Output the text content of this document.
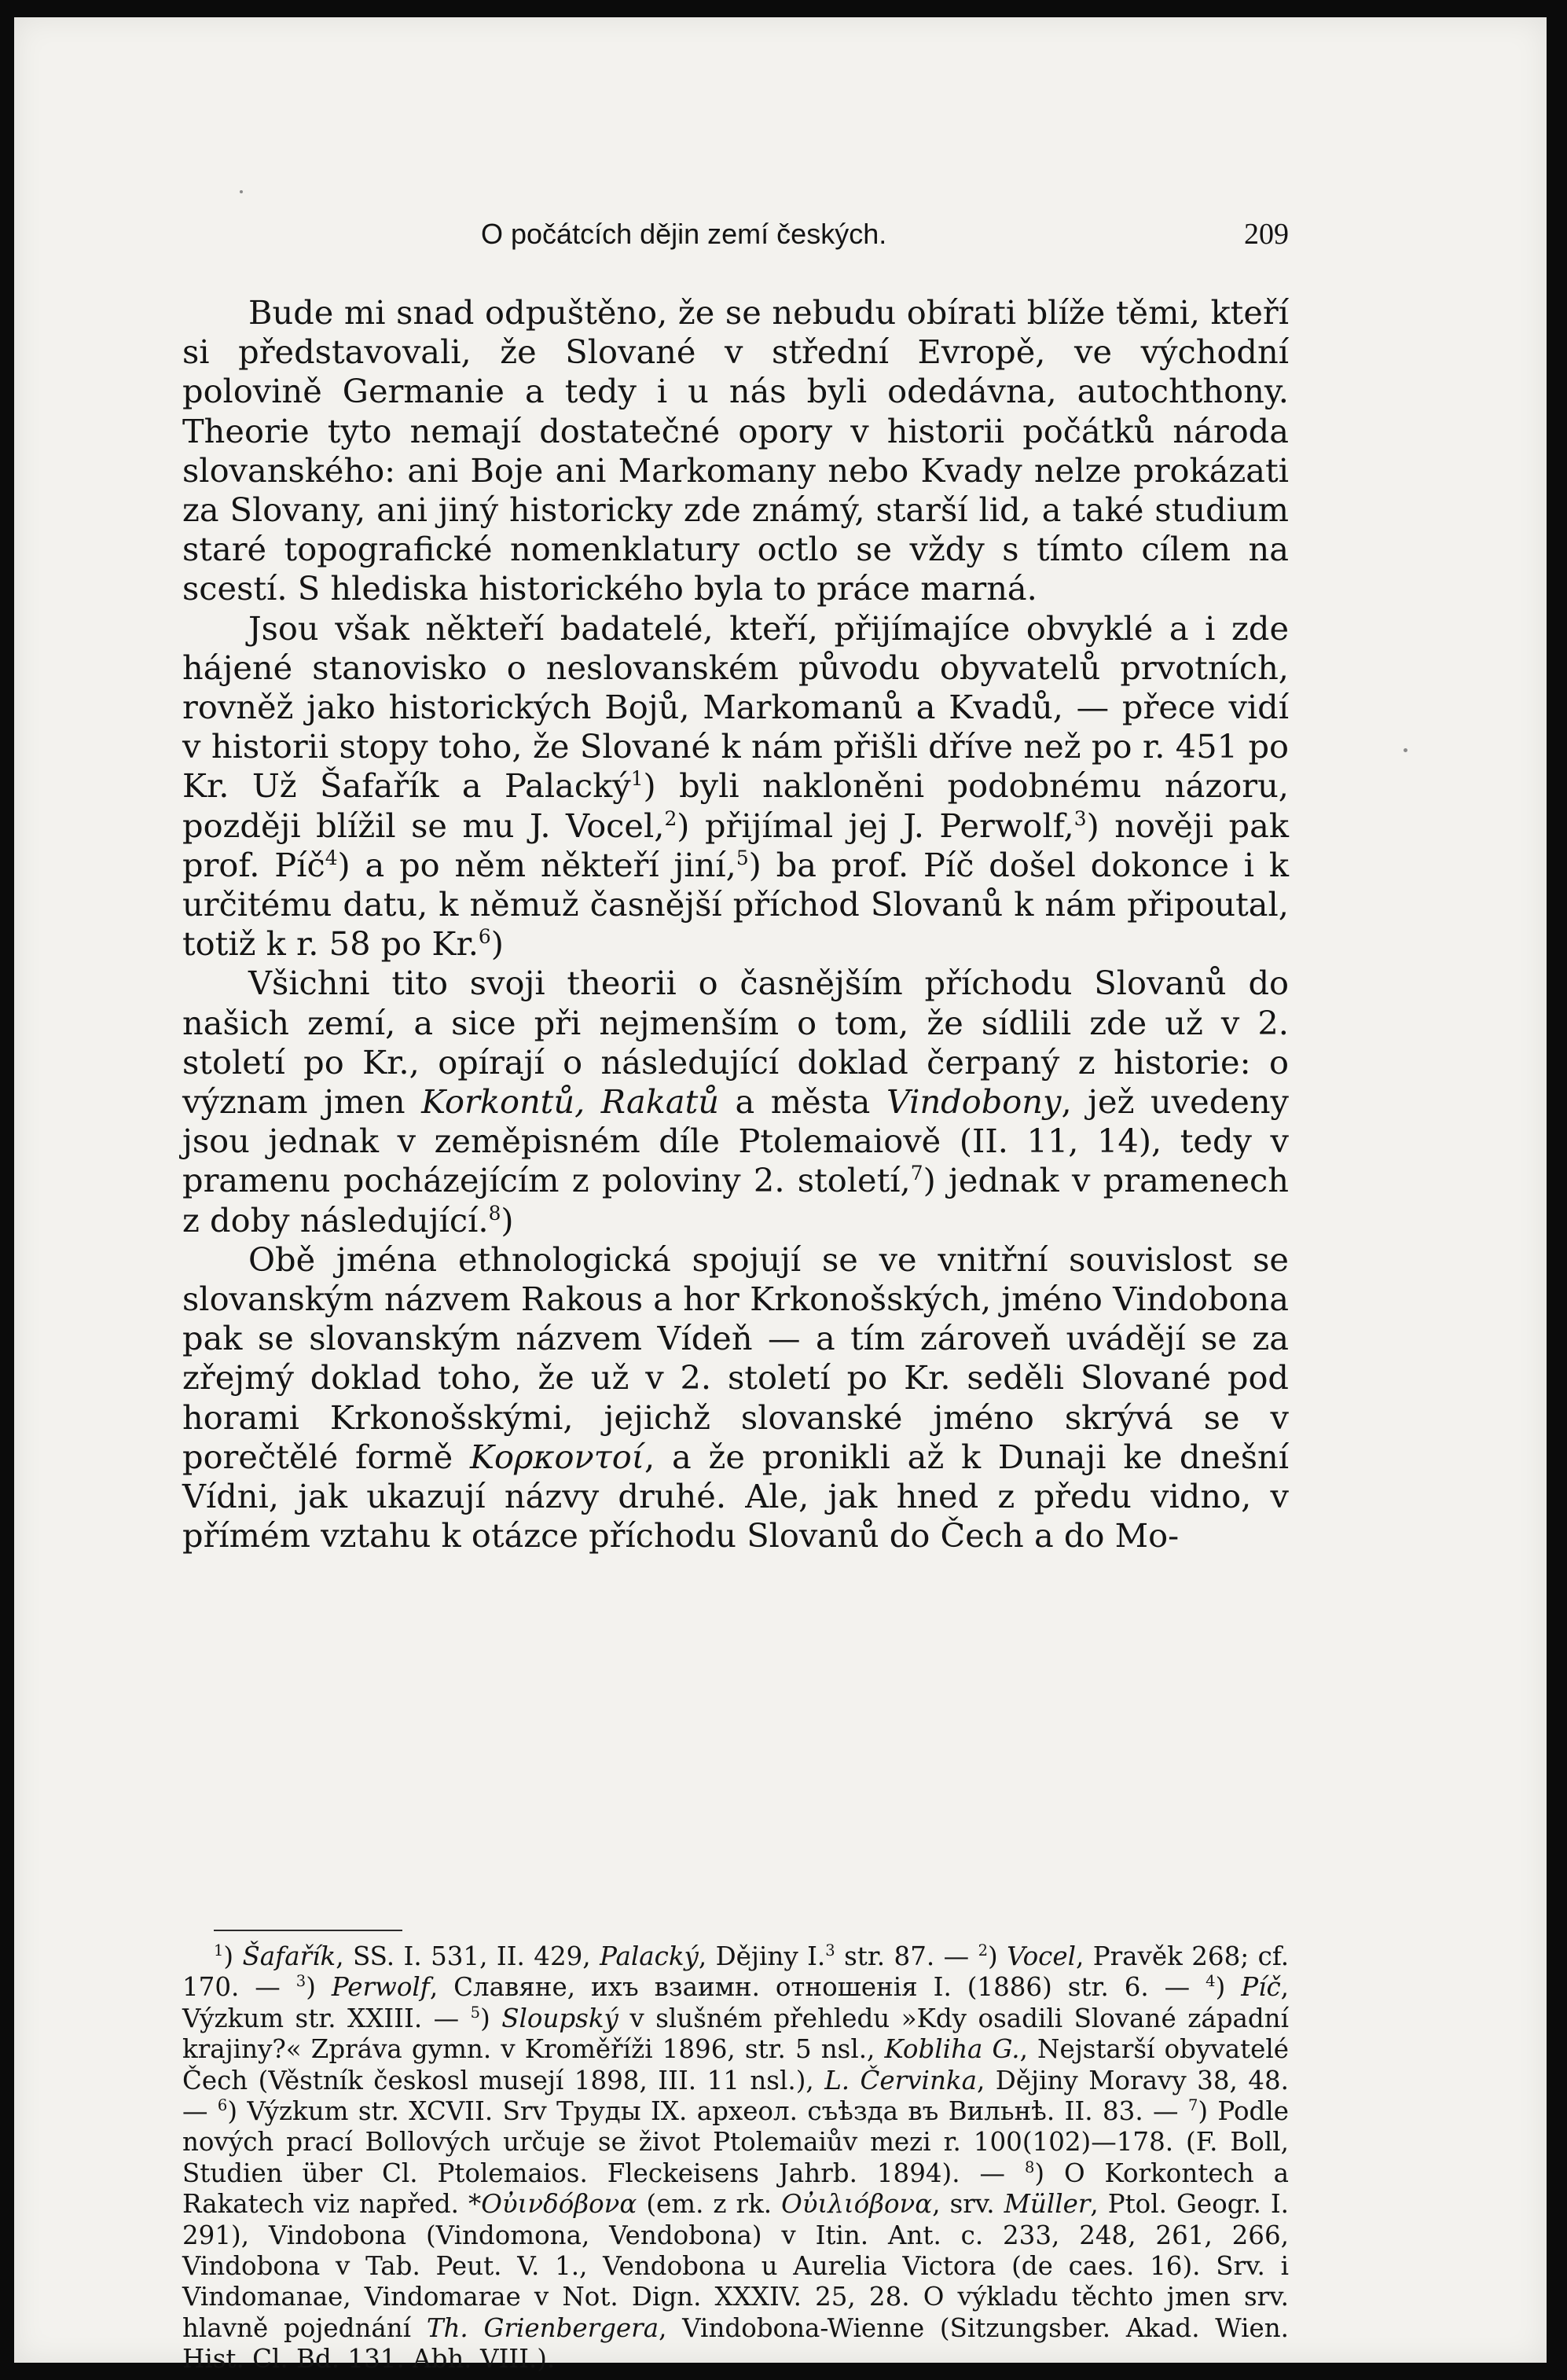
O počátcích dějin zemí českých.	209

Bude mi snad odpuštěno, že se nebudu obírati blíže těmi, kteří si představovali, že Slované v střední Evropě, ve východní polovině Germanie a tedy i u nás byli odedávna, autochthony. Theorie tyto nemají dostatečné opory v historii počátků národa slovanského: ani Boje ani Markomany nebo Kvady nelze prokázati za Slovany, ani jiný historicky zde známý, starší lid, a také studium staré topografické nomenklatury octlo se vždy s tímto cílem na scestí. S hlediska historického byla to práce marná.

Jsou však někteří badatelé, kteří, přijímajíce obvyklé a i zde hájené stanovisko o neslovanském původu obyvatelů prvotních, rovněž jako historických Bojů, Markomanů a Kvadů, — přece vidí v historii stopy toho, že Slované k nám přišli dříve než po r. 451 po Kr. Už Šafařík a Palacký$^1$) byli nakloněni podobnému názoru, později blížil se mu J. Vocel,$^2$) přijímal jej J. Perwolf,$^3$) nověji pak prof. Píč$^4$) a po něm někteří jiní,$^5$) ba prof. Píč došel dokonce i k určitému datu, k němuž časnější příchod Slovanů k nám připoutal, totiž k r. 58 po Kr.$^6$)

Všichni tito svoji theorii o časnějším příchodu Slovanů do našich zemí, a sice při nejmenším o tom, že sídlili zde už v 2. století po Kr., opírají o následující doklad čerpaný z historie: o význam jmen Korkontů, Rakatů a města Vindobony, jež uvedeny jsou jednak v zeměpisném díle Ptolemaiově (II. 11, 14), tedy v pramenu pocházejícím z poloviny 2. století,$^7$) jednak v pramenech z doby následující.$^8$)

Obě jména ethnologická spojují se ve vnitřní souvislost se slovanským názvem Rakous a hor Krkonošských, jméno Vindobona pak se slovanským názvem Vídeň — a tím zároveň uvádějí se za zřejmý doklad toho, že už v 2. století po Kr. seděli Slované pod horami Krkonošskými, jejichž slovanské jméno skrývá se v porečtělé formě Κορκοντοί, a že pronikli až k Dunaji ke dnešní Vídni, jak ukazují názvy druhé. Ale, jak hned z předu vidno, v přímém vztahu k otázce příchodu Slovanů do Čech a do Mo-

$^1$) Šafařík, SS. I. 531, II. 429, Palacký, Dějiny I.$^3$ str. 87. — $^2$) Vocel, Pravěk 268; cf. 170. — $^3$) Perwolf, Славяне, ихъ взаимн. отношенія I. (1886) str. 6. — $^4$) Píč, Výzkum str. XXIII. — $^5$) Sloupský v slušném přehledu »Kdy osadili Slované západní krajiny?« Zpráva gymn. v Kroměříži 1896, str. 5 nsl., Kobliha G., Nejstarší obyvatelé Čech (Věstník českosl musejí 1898, III. 11 nsl.), L. Červinka, Dějiny Moravy 38, 48. — $^6$) Výzkum str. XCVII. Srv Труды IX. археол. съѣзда въ Вильнѣ. II. 83. — $^7$) Podle nových prací Bollových určuje se život Ptolemaiův mezi r. 100(102)—178. (F. Boll, Studien über Cl. Ptolemaios. Fleckeisens Jahrb. 1894). — $^8$) O Korkontech a Rakatech viz napřed. *Οὐινδόβονα (em. z rk. Οὐιλιόβονα, srv. Müller, Ptol. Geogr. I. 291), Vindobona (Vindomona, Vendobona) v Itin. Ant. c. 233, 248, 261, 266, Vindobona v Tab. Peut. V. 1., Vendobona u Aurelia Victora (de caes. 16). Srv. i Vindomanae, Vindomarae v Not. Dign. XXXIV. 25, 28. O výkladu těchto jmen srv. hlavně pojednání Th. Grienbergera, Vindobona-Wienne (Sitzungsber. Akad. Wien. Hist. Cl. Bd. 131. Abh. VIII.).
